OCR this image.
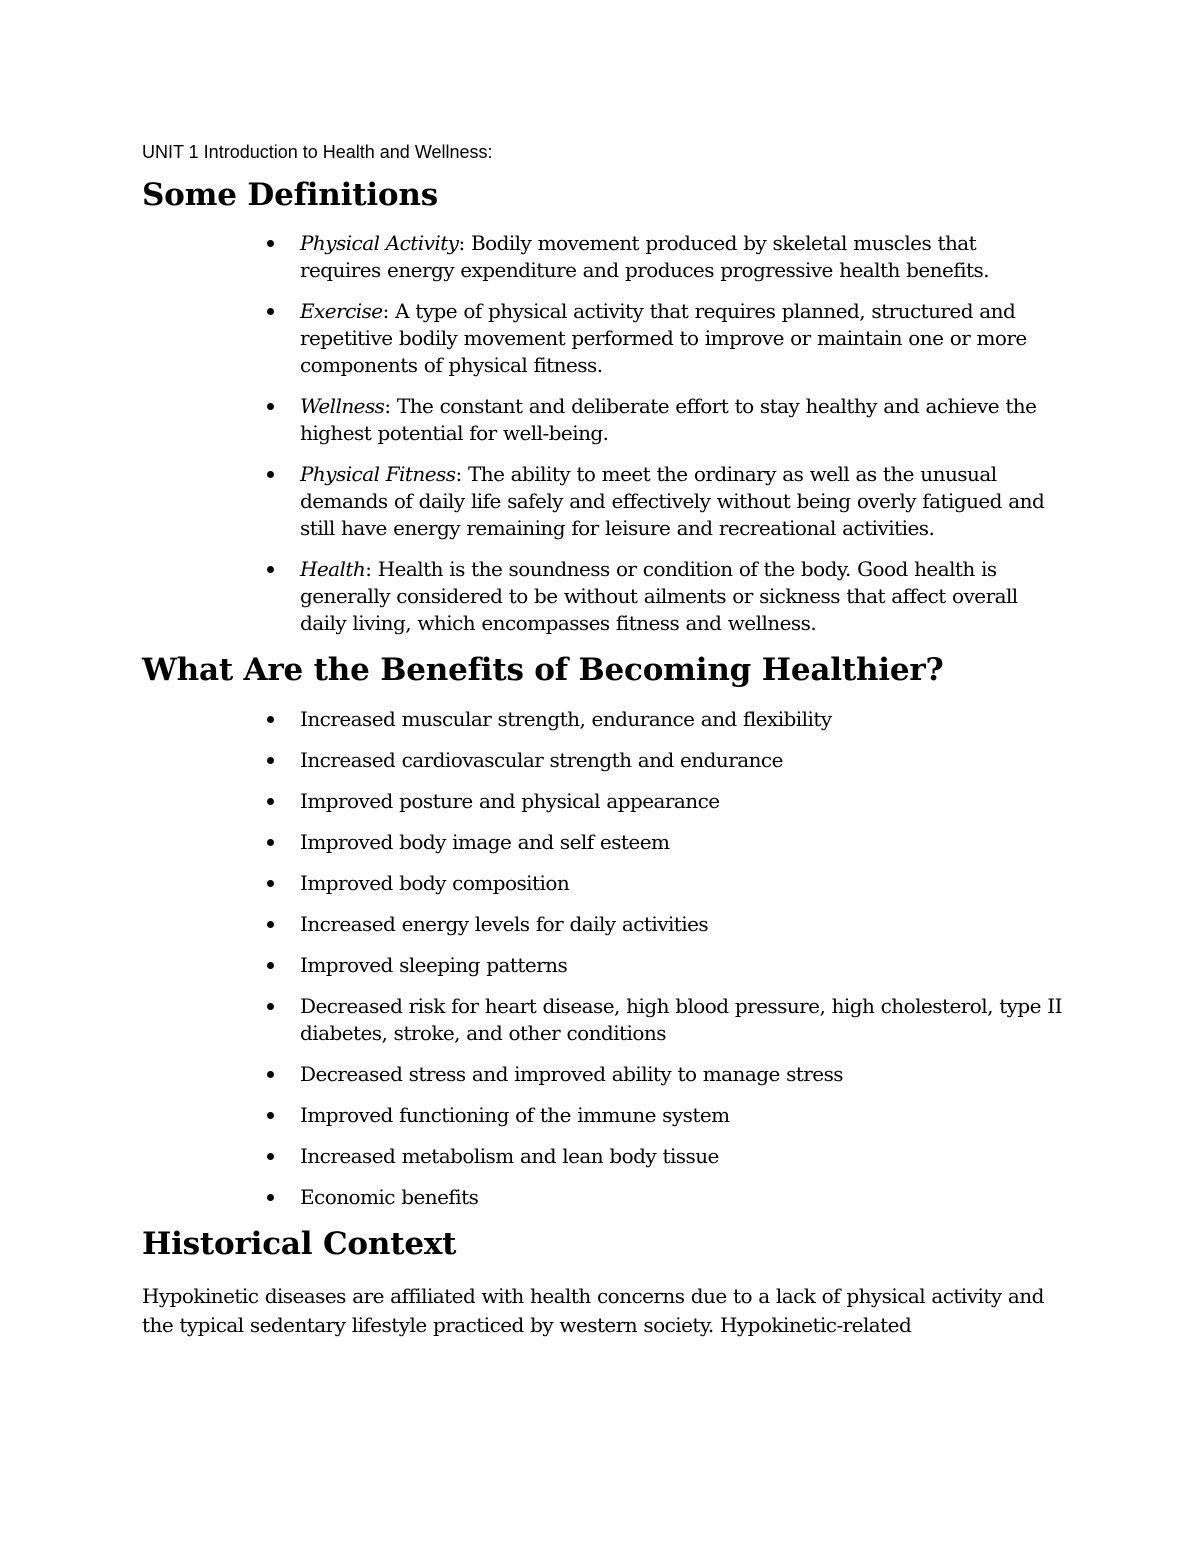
UNIT 1 Introduction to Health and Wellness:

Some Definitions
Physical Activity: Bodily movement produced by skeletal muscles that requires energy expenditure and produces progressive health benefits.
Exercise: A type of physical activity that requires planned, structured and repetitive bodily movement performed to improve or maintain one or more components of physical fitness.
Wellness: The constant and deliberate effort to stay healthy and achieve the highest potential for well-being.
Physical Fitness: The ability to meet the ordinary as well as the unusual demands of daily life safely and effectively without being overly fatigued and still have energy remaining for leisure and recreational activities.
Health: Health is the soundness or condition of the body. Good health is generally considered to be without ailments or sickness that affect overall daily living, which encompasses fitness and wellness.
What Are the Benefits of Becoming Healthier?
Increased muscular strength, endurance and flexibility
Increased cardiovascular strength and endurance
Improved posture and physical appearance
Improved body image and self esteem
Improved body composition
Increased energy levels for daily activities
Improved sleeping patterns
Decreased risk for heart disease, high blood pressure, high cholesterol, type II diabetes, stroke, and other conditions
Decreased stress and improved ability to manage stress
Improved functioning of the immune system
Increased metabolism and lean body tissue
Economic benefits
Historical Context

Hypokinetic diseases are affiliated with health concerns due to a lack of physical activity and the typical sedentary lifestyle practiced by western society. Hypokinetic-related
